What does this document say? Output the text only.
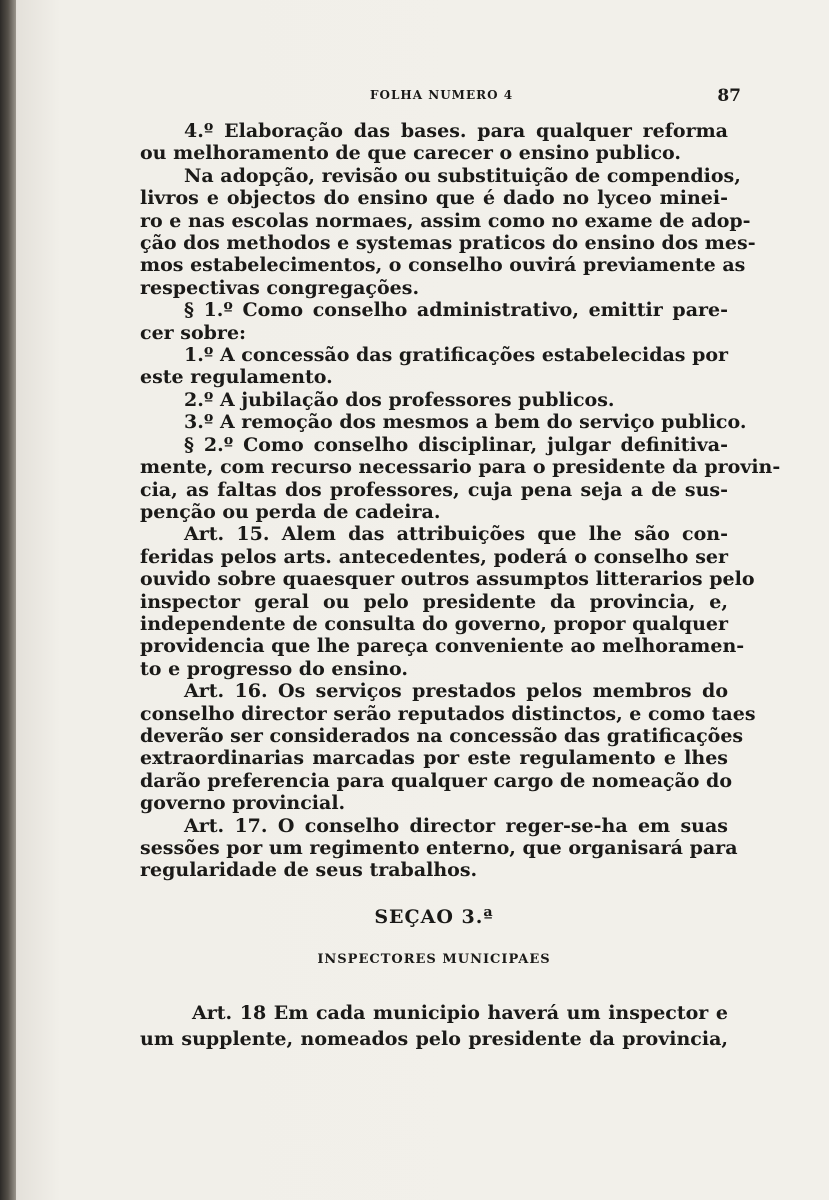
FOLHA NUMERO 4	87
4.º Elaboração das bases. para qualquer reforma
ou melhoramento de que carecer o ensino publico.
Na adopção, revisão ou substituição de compendios,
livros e objectos do ensino que é dado no lyceo minei-
ro e nas escolas normaes, assim como no exame de adop-
ção dos methodos e systemas praticos do ensino dos mes-
mos estabelecimentos, o conselho ouvirá previamente as
respectivas congregações.
§ 1.º Como conselho administrativo, emittir pare-
cer sobre:
1.º A concessão das gratificações estabelecidas por
este regulamento.
2.º A jubilação dos professores publicos.
3.º A remoção dos mesmos a bem do serviço publico.
§ 2.º Como conselho disciplinar, julgar definitiva-
mente, com recurso necessario para o presidente da provin-
cia, as faltas dos professores, cuja pena seja a de sus-
penção ou perda de cadeira.
Art. 15. Alem das attribuições que lhe são con-
feridas pelos arts. antecedentes, poderá o conselho ser
ouvido sobre quaesquer outros assumptos litterarios pelo
inspector geral ou pelo presidente da provincia, e,
independente de consulta do governo, propor qualquer
providencia que lhe pareça conveniente ao melhoramen-
to e progresso do ensino.
Art. 16. Os serviços prestados pelos membros do
conselho director serão reputados distinctos, e como taes
deverão ser considerados na concessão das gratificações
extraordinarias marcadas por este regulamento e lhes
darão preferencia para qualquer cargo de nomeação do
governo provincial.
Art. 17. O conselho director reger-se-ha em suas
sessões por um regimento enterno, que organisará para
regularidade de seus trabalhos.
SEÇAO 3.ª
INSPECTORES MUNICIPAES
Art. 18 Em cada municipio haverá um inspector e
um supplente, nomeados pelo presidente da provincia,
